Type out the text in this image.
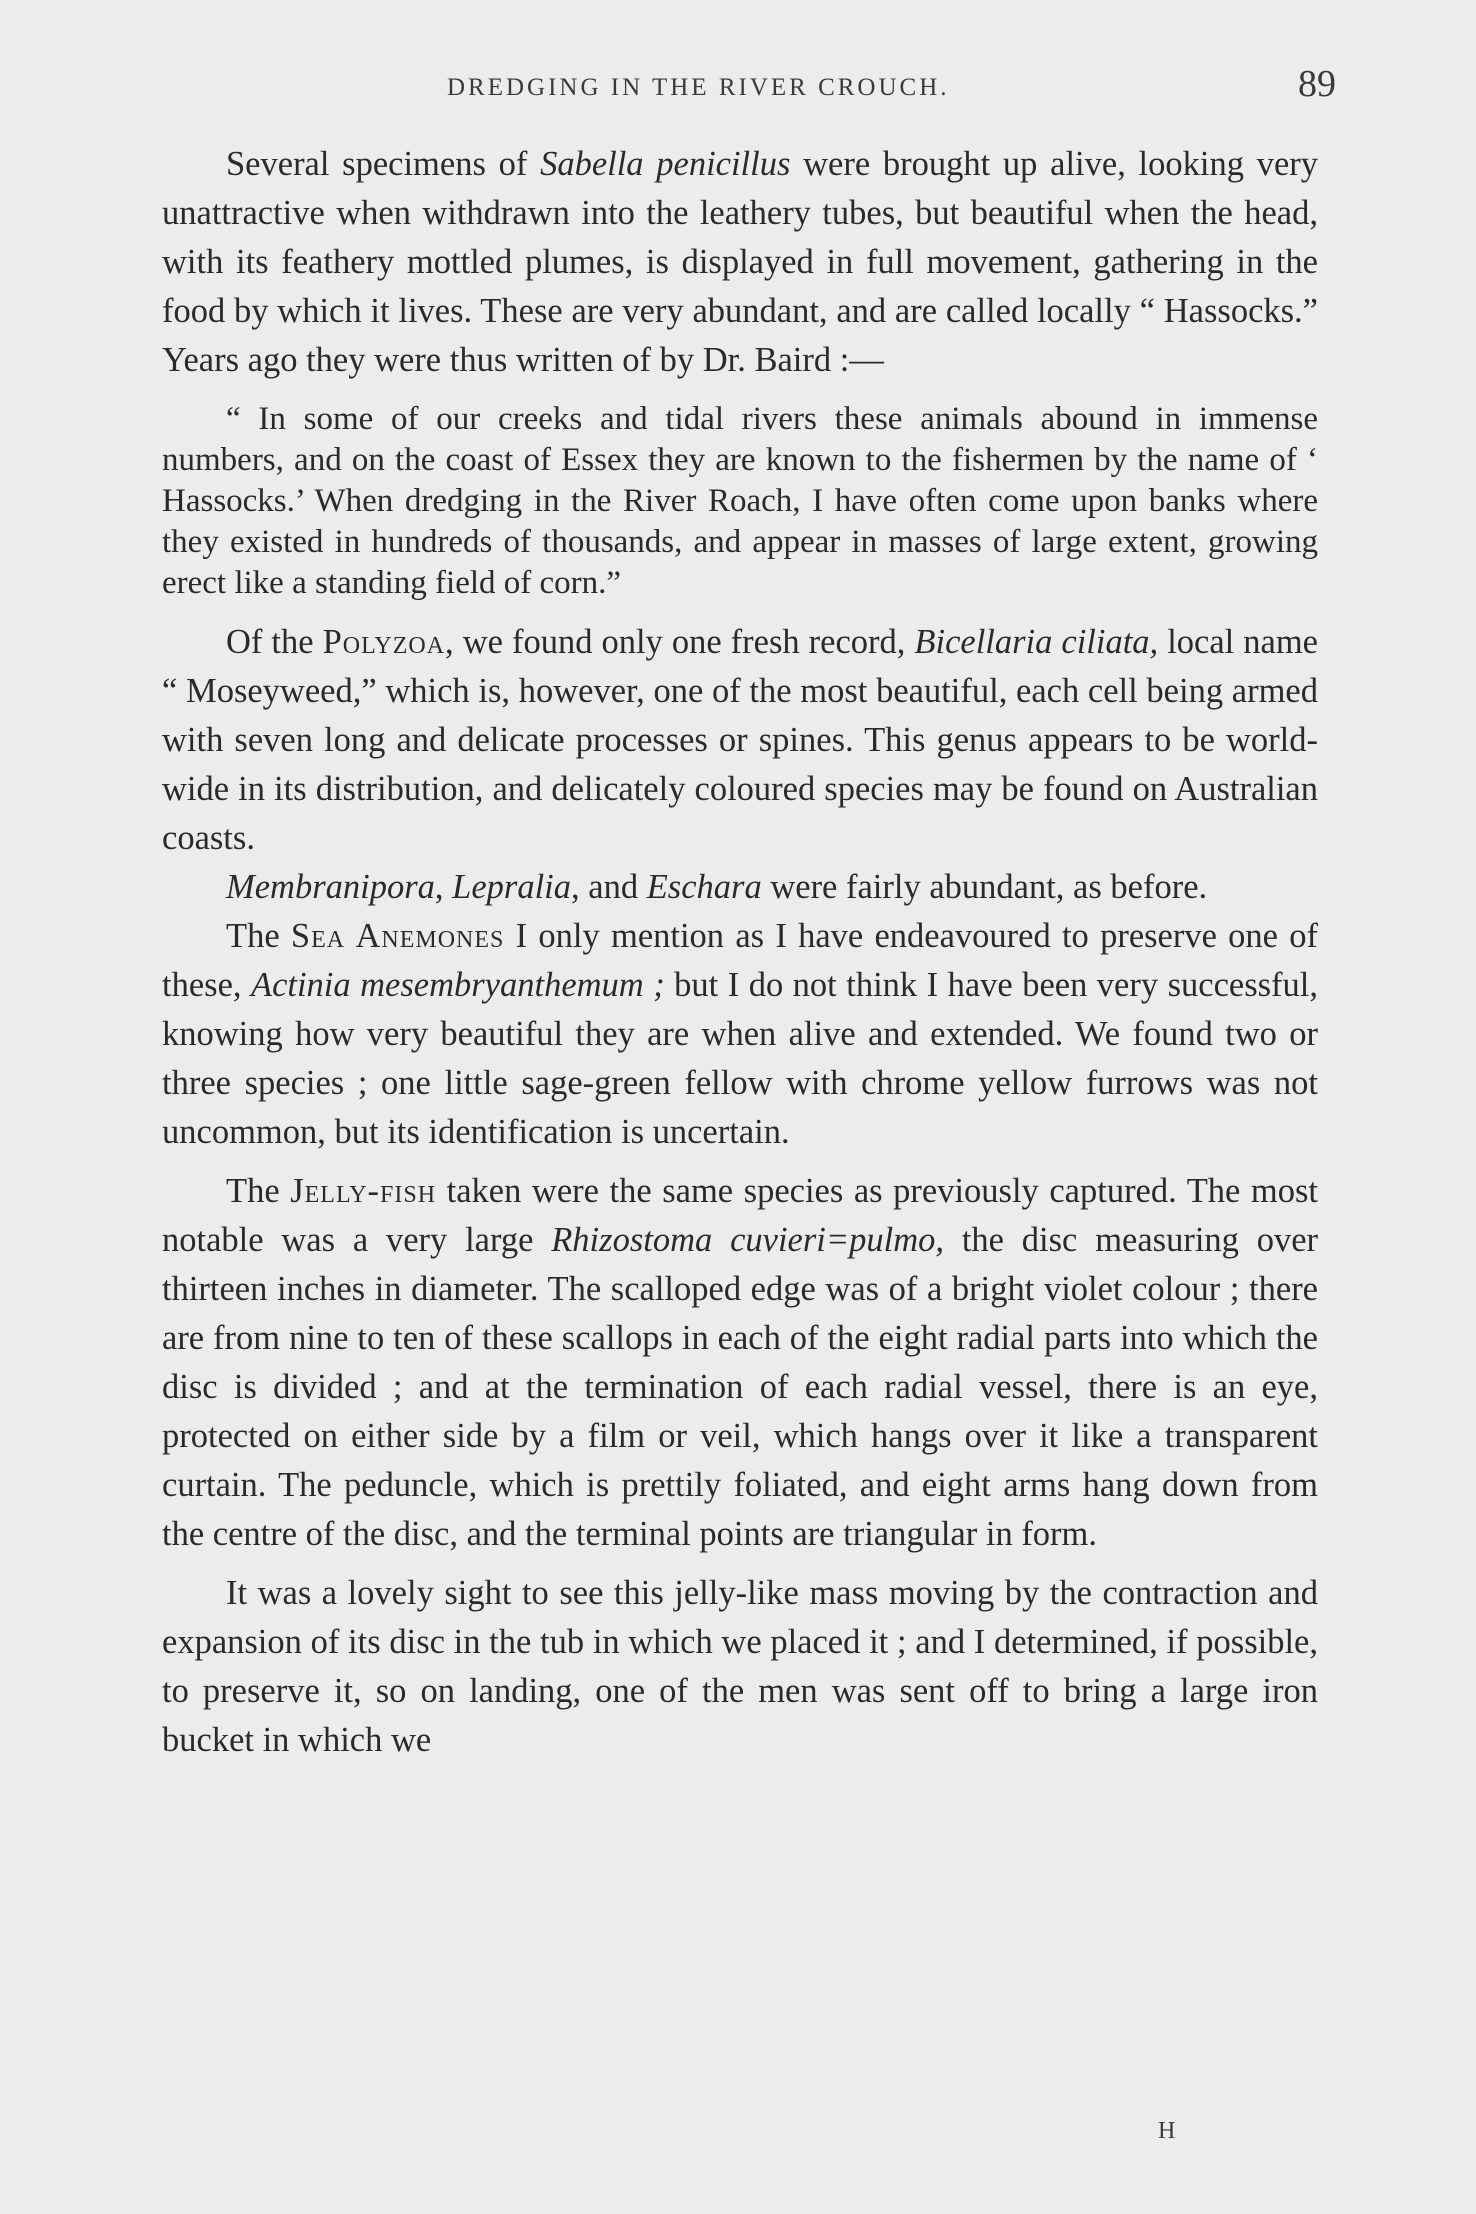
DREDGING IN THE RIVER CROUCH.	89

Several specimens of Sabella penicillus were brought up alive, looking very unattractive when withdrawn into the leathery tubes, but beautiful when the head, with its feathery mottled plumes, is displayed in full movement, gathering in the food by which it lives. These are very abundant, and are called locally “ Hassocks.” Years ago they were thus written of by Dr. Baird :—

“ In some of our creeks and tidal rivers these animals abound in immense numbers, and on the coast of Essex they are known to the fishermen by the name of ‘ Hassocks.’ When dredging in the River Roach, I have often come upon banks where they existed in hundreds of thousands, and appear in masses of large extent, growing erect like a standing field of corn.”

Of the Polyzoa, we found only one fresh record, Bicellaria ciliata, local name “ Moseyweed,” which is, however, one of the most beautiful, each cell being armed with seven long and delicate processes or spines. This genus appears to be world-wide in its distribution, and delicately coloured species may be found on Australian coasts.

Membranipora, Lepralia, and Eschara were fairly abundant, as before.

The Sea Anemones I only mention as I have endeavoured to preserve one of these, Actinia mesembryanthemum ; but I do not think I have been very successful, knowing how very beautiful they are when alive and extended. We found two or three species ; one little sage-green fellow with chrome yellow furrows was not uncommon, but its identification is uncertain.

The Jelly-fish taken were the same species as previously captured. The most notable was a very large Rhizostoma cuvieri=pulmo, the disc measuring over thirteen inches in diameter. The scalloped edge was of a bright violet colour ; there are from nine to ten of these scallops in each of the eight radial parts into which the disc is divided ; and at the termination of each radial vessel, there is an eye, protected on either side by a film or veil, which hangs over it like a transparent curtain. The peduncle, which is prettily foliated, and eight arms hang down from the centre of the disc, and the terminal points are triangular in form.

It was a lovely sight to see this jelly-like mass moving by the contraction and expansion of its disc in the tub in which we placed it ; and I determined, if possible, to preserve it, so on landing, one of the men was sent off to bring a large iron bucket in which we

H
